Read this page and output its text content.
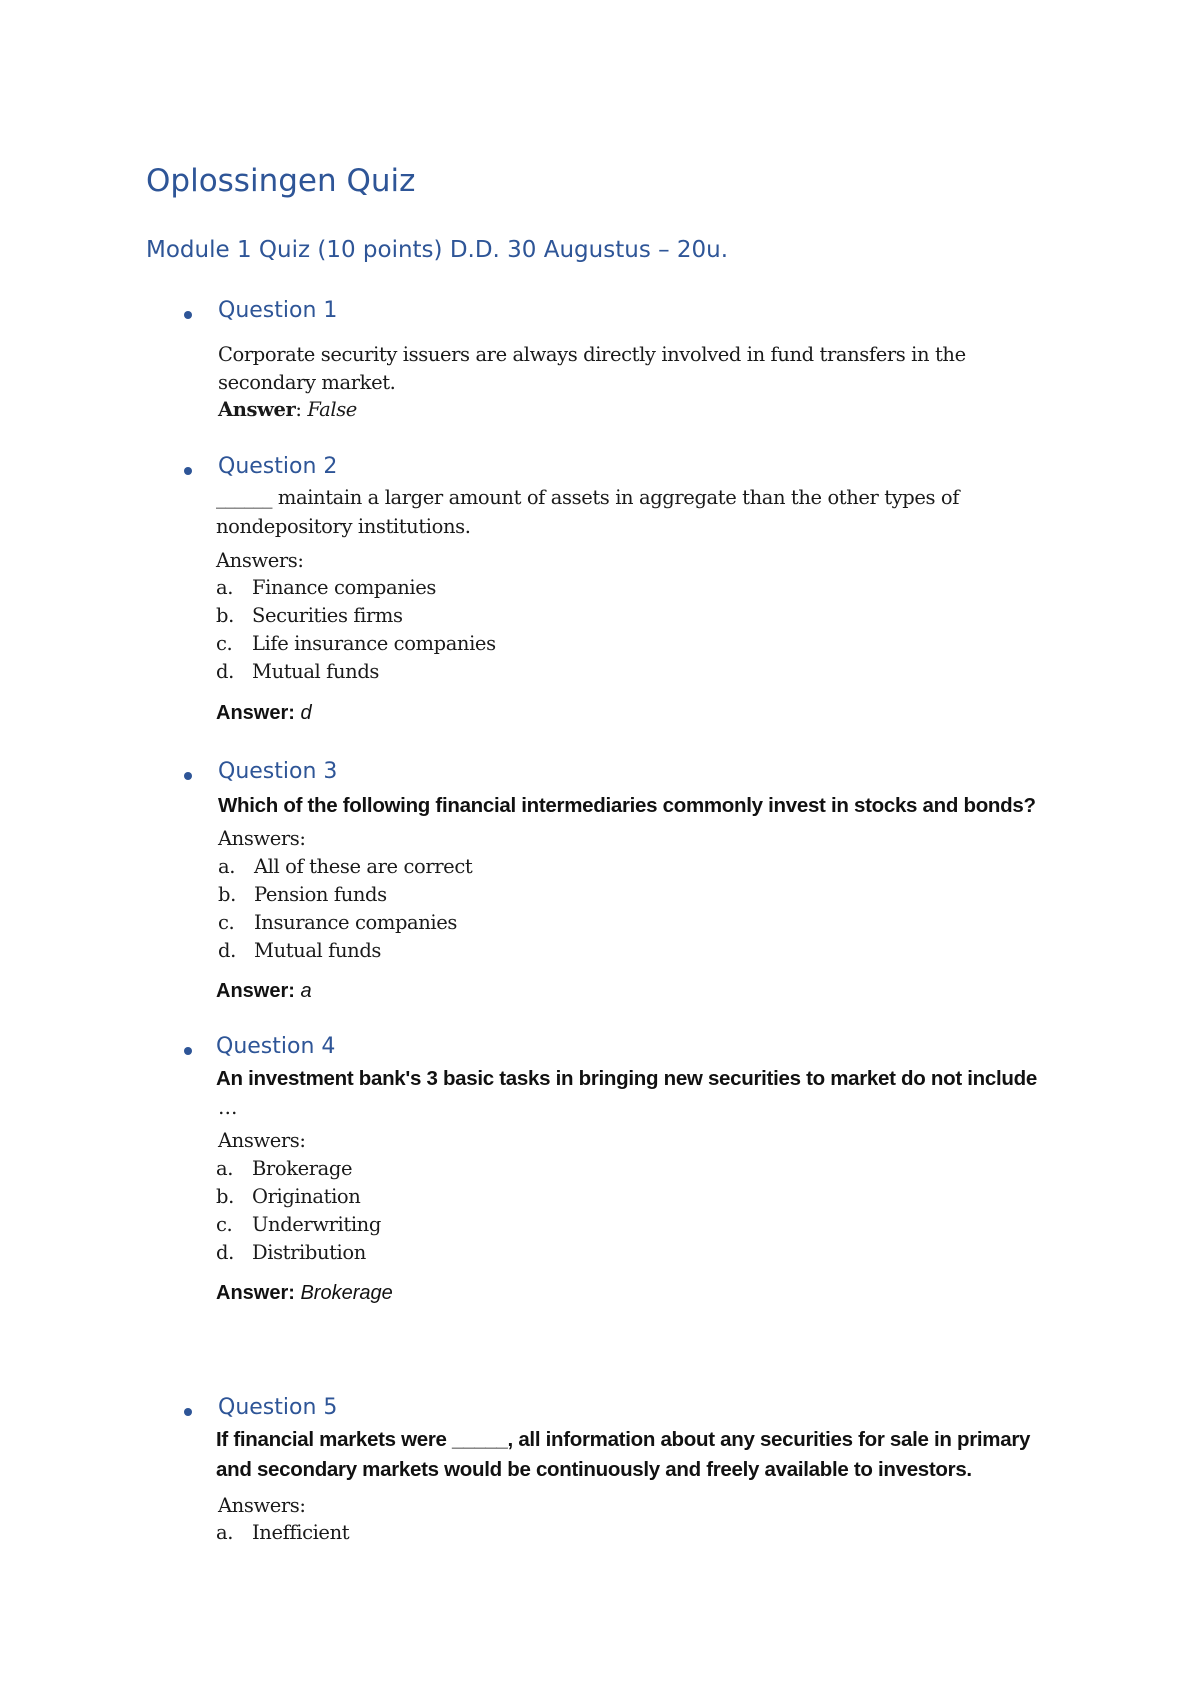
Oplossingen Quiz
Module 1 Quiz (10 points) D.D. 30 Augustus – 20u.
Question 1
Corporate security issuers are always directly involved in fund transfers in the
secondary market.
Answer: False
Question 2
______ maintain a larger amount of assets in aggregate than the other types of
nondepository institutions.
Answers:
a. Finance companies
b. Securities firms
c. Life insurance companies
d. Mutual funds
Answer: d
Question 3
Which of the following financial intermediaries commonly invest in stocks and bonds?
Answers:
a. All of these are correct
b. Pension funds
c. Insurance companies
d. Mutual funds
Answer: a
Question 4
An investment bank's 3 basic tasks in bringing new securities to market do not include
…
Answers:
a. Brokerage
b. Origination
c. Underwriting
d. Distribution
Answer: Brokerage
Question 5
If financial markets were _____, all information about any securities for sale in primary
and secondary markets would be continuously and freely available to investors.
Answers:
a. Inefficient
